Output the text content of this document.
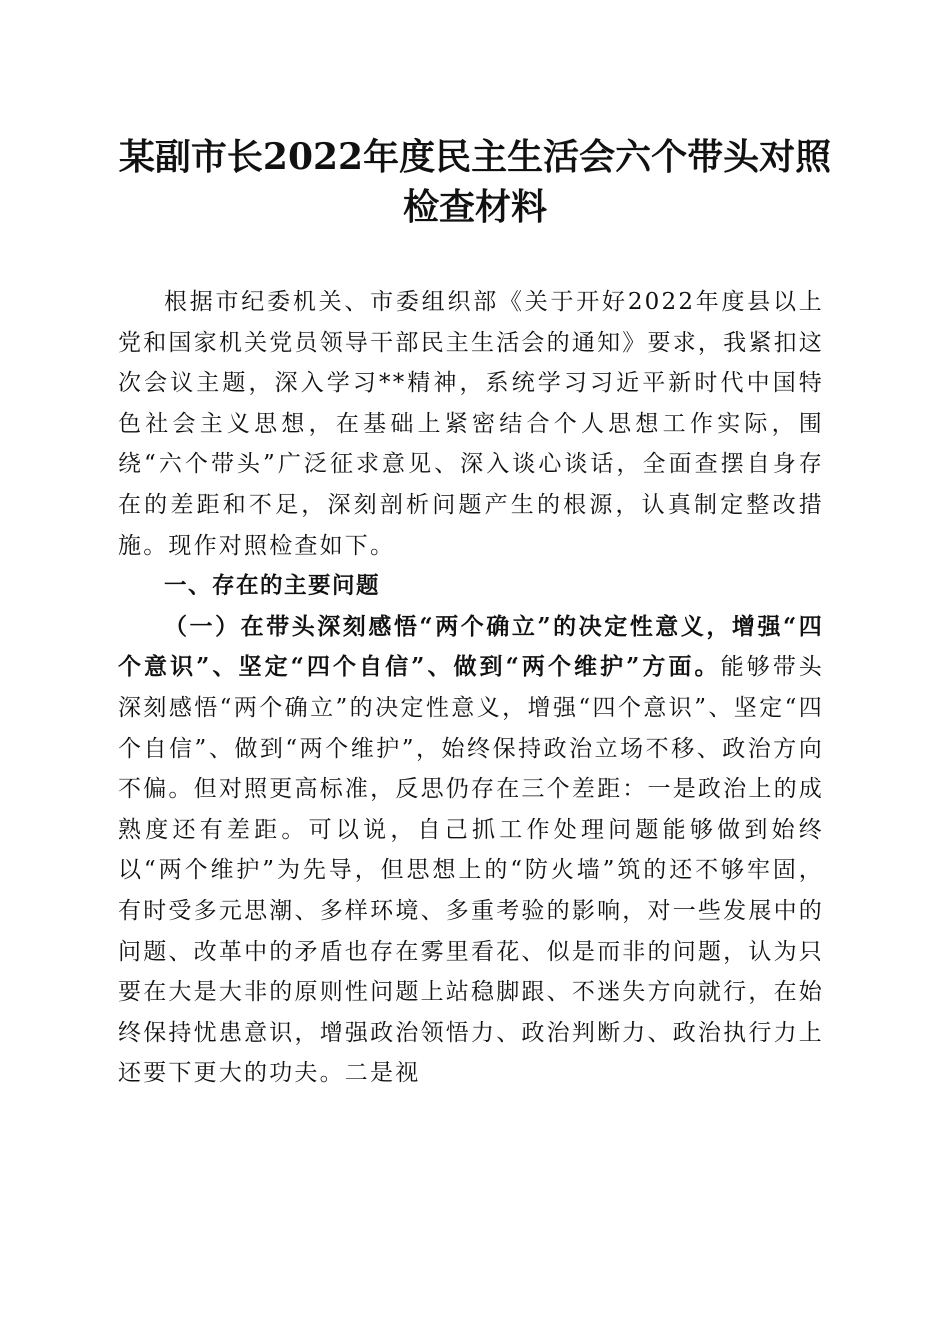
某副市长2022年度民主生活会六个带头对照
检查材料

根据市纪委机关、市委组织部《关于开好2022年度县以上党和国家机关党员领导干部民主生活会的通知》要求，我紧扣这次会议主题，深入学习**精神，系统学习习近平新时代中国特色社会主义思想，在基础上紧密结合个人思想工作实际，围绕“六个带头”广泛征求意见、深入谈心谈话，全面查摆自身存在的差距和不足，深刻剖析问题产生的根源，认真制定整改措施。现作对照检查如下。

一、存在的主要问题

（一）在带头深刻感悟“两个确立”的决定性意义，增强“四个意识”、坚定“四个自信”、做到“两个维护”方面。能够带头深刻感悟“两个确立”的决定性意义，增强“四个意识”、坚定“四个自信”、做到“两个维护”，始终保持政治立场不移、政治方向不偏。但对照更高标准，反思仍存在三个差距：一是政治上的成熟度还有差距。可以说，自己抓工作处理问题能够做到始终以“两个维护”为先导，但思想上的“防火墙”筑的还不够牢固，有时受多元思潮、多样环境、多重考验的影响，对一些发展中的问题、改革中的矛盾也存在雾里看花、似是而非的问题，认为只要在大是大非的原则性问题上站稳脚跟、不迷失方向就行，在始终保持忧患意识，增强政治领悟力、政治判断力、政治执行力上还要下更大的功夫。二是视
